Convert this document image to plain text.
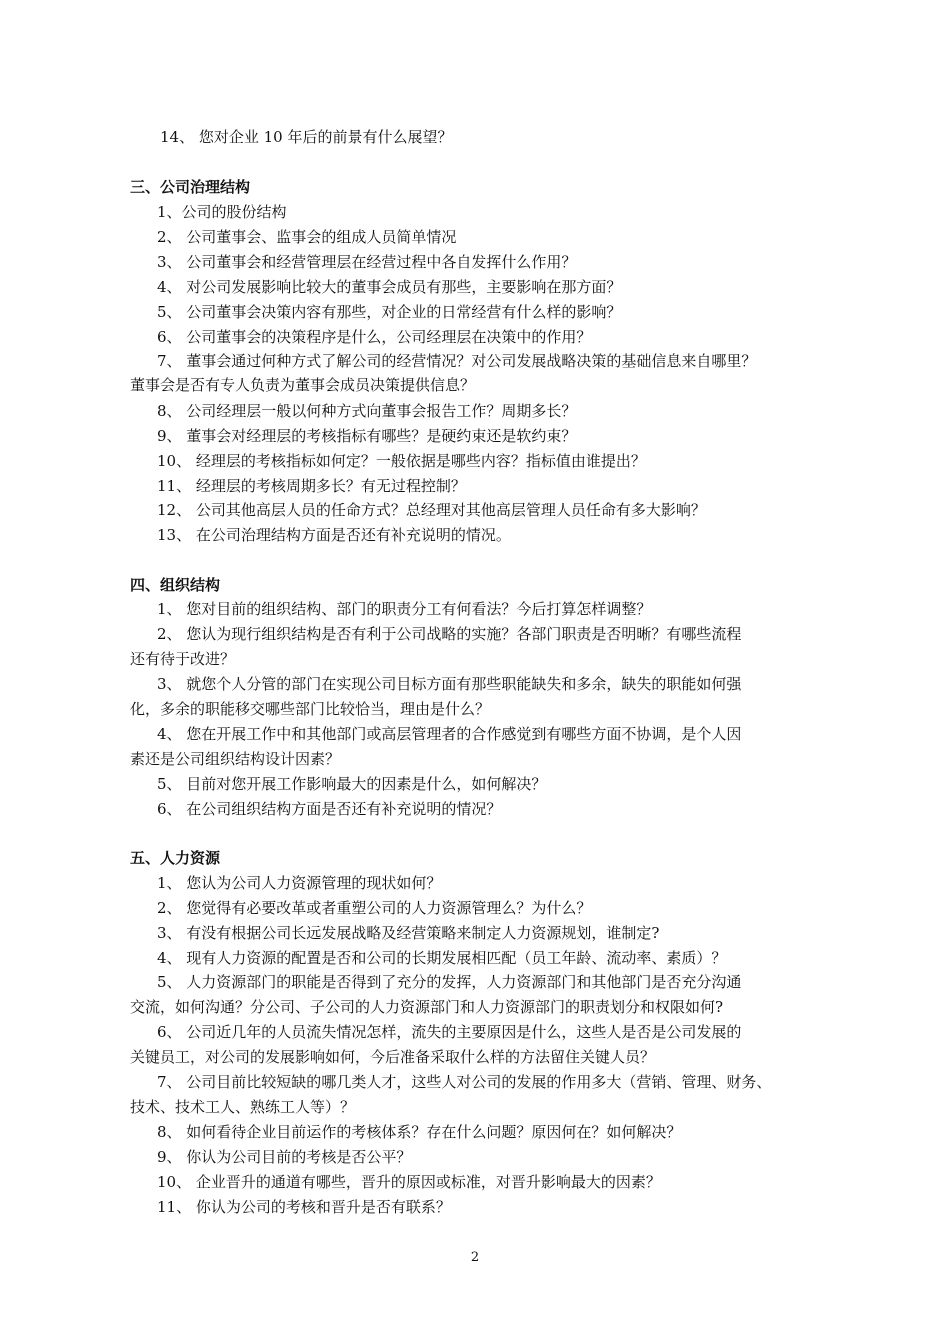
14、 您对企业 10 年后的前景有什么展望？
三、公司治理结构
1、公司的股份结构
2、 公司董事会、监事会的组成人员简单情况
3、 公司董事会和经营管理层在经营过程中各自发挥什么作用？
4、 对公司发展影响比较大的董事会成员有那些，主要影响在那方面？
5、 公司董事会决策内容有那些，对企业的日常经营有什么样的影响？
6、 公司董事会的决策程序是什么，公司经理层在决策中的作用？
7、 董事会通过何种方式了解公司的经营情况？对公司发展战略决策的基础信息来自哪里？
董事会是否有专人负责为董事会成员决策提供信息？
8、 公司经理层一般以何种方式向董事会报告工作？周期多长？
9、 董事会对经理层的考核指标有哪些？是硬约束还是软约束？
10、 经理层的考核指标如何定？一般依据是哪些内容？指标值由谁提出？
11、 经理层的考核周期多长？有无过程控制？
12、 公司其他高层人员的任命方式？总经理对其他高层管理人员任命有多大影响？
13、 在公司治理结构方面是否还有补充说明的情况。
四、组织结构
1、 您对目前的组织结构、部门的职责分工有何看法？今后打算怎样调整？
2、 您认为现行组织结构是否有利于公司战略的实施？各部门职责是否明晰？有哪些流程
还有待于改进？
3、 就您个人分管的部门在实现公司目标方面有那些职能缺失和多余，缺失的职能如何强
化，多余的职能移交哪些部门比较恰当，理由是什么？
4、 您在开展工作中和其他部门或高层管理者的合作感觉到有哪些方面不协调，是个人因
素还是公司组织结构设计因素？
5、 目前对您开展工作影响最大的因素是什么，如何解决？
6、 在公司组织结构方面是否还有补充说明的情况？
五、人力资源
1、 您认为公司人力资源管理的现状如何？
2、 您觉得有必要改革或者重塑公司的人力资源管理么？为什么？
3、 有没有根据公司长远发展战略及经营策略来制定人力资源规划，谁制定?
4、 现有人力资源的配置是否和公司的长期发展相匹配（员工年龄、流动率、素质）？
5、 人力资源部门的职能是否得到了充分的发挥，人力资源部门和其他部门是否充分沟通
交流，如何沟通？分公司、子公司的人力资源部门和人力资源部门的职责划分和权限如何?
6、 公司近几年的人员流失情况怎样，流失的主要原因是什么，这些人是否是公司发展的
关键员工，对公司的发展影响如何，今后准备采取什么样的方法留住关键人员？
7、 公司目前比较短缺的哪几类人才，这些人对公司的发展的作用多大（营销、管理、财务、
技术、技术工人、熟练工人等）？
8、 如何看待企业目前运作的考核体系？存在什么问题？原因何在？如何解决？
9、 你认为公司目前的考核是否公平？
10、 企业晋升的通道有哪些，晋升的原因或标准，对晋升影响最大的因素？
11、 你认为公司的考核和晋升是否有联系？
2
